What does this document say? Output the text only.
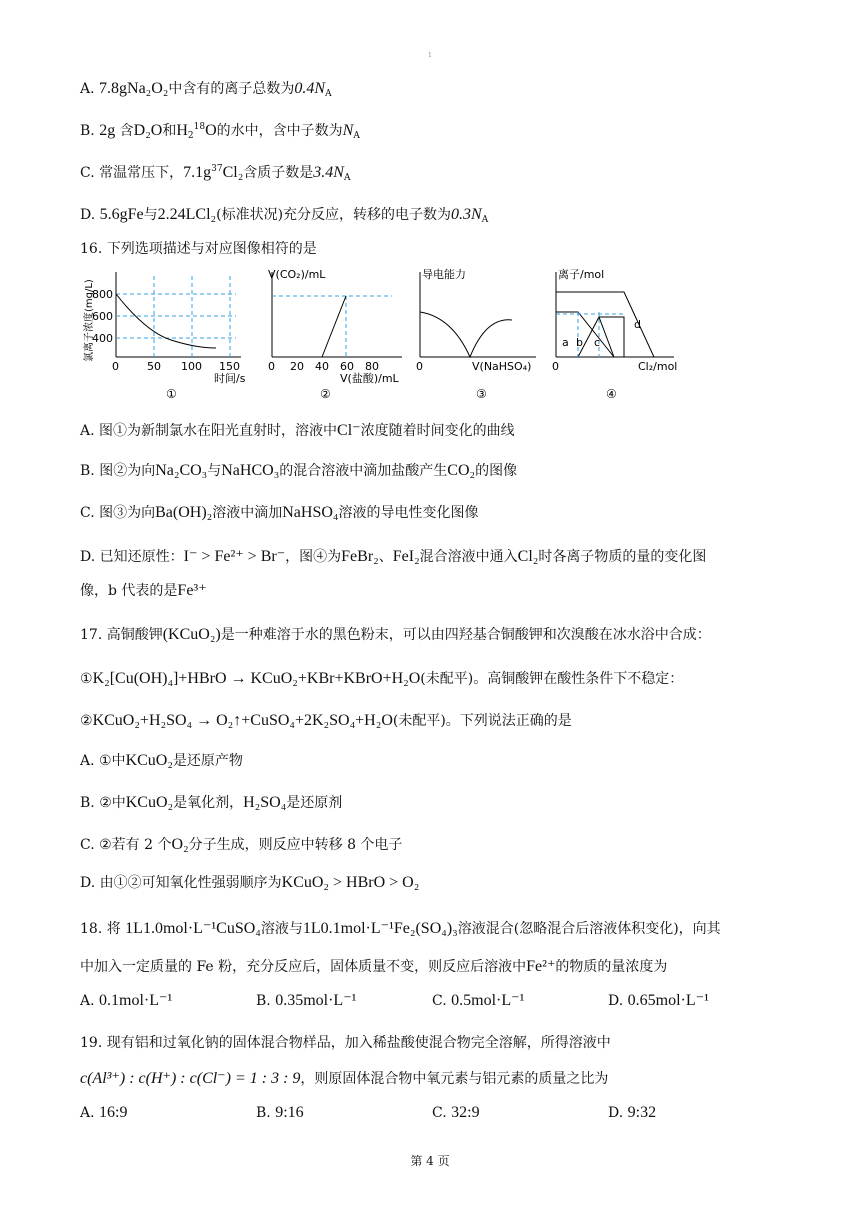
1
A. 7.8gNa₂O₂中含有的离子总数为$0.4N_A$
B. 2g 含D₂O和$H_2^{18}O$的水中，含中子数为$N_A$
C. 常温常压下，$7.1g^{37}Cl_2$含质子数是$3.4N_A$
D. 5.6gFe与2.24LCl₂(标准状况)充分反应，转移的电子数为$0.3N_A$
16. 下列选项描述与对应图像相符的是
氯离子浓度(mg/L)
800
600
400
0	50 100 150
时间/s
①
V(CO₂)/mL
0 20 40 60 80
V(盐酸)/mL
②
导电能力
0	V(NaHSO₄)
③
离子/mol
a b c
d
0	Cl₂/mol
④
A. 图①为新制氯水在阳光直射时，溶液中Cl⁻浓度随着时间变化的曲线
B. 图②为向Na₂CO₃与NaHCO₃的混合溶液中滴加盐酸产生CO₂的图像
C. 图③为向Ba(OH)₂溶液中滴加NaHSO₄溶液的导电性变化图像
D. 已知还原性：I⁻ > Fe²⁺ > Br⁻，图④为FeBr₂、FeI₂混合溶液中通入Cl₂时各离子物质的量的变化图
像，b 代表的是Fe³⁺
17. 高铜酸钾(KCuO₂)是一种难溶于水的黑色粉末，可以由四羟基合铜酸钾和次溴酸在冰水浴中合成：
①K₂[Cu(OH)₄]+HBrO → KCuO₂+KBr+KBrO+H₂O(未配平)。高铜酸钾在酸性条件下不稳定：
②KCuO₂+H₂SO₄ → O₂↑+CuSO₄+2K₂SO₄+H₂O(未配平)。下列说法正确的是
A. ①中KCuO₂是还原产物
B. ②中KCuO₂是氧化剂，H₂SO₄是还原剂
C. ②若有 2 个O₂分子生成，则反应中转移 8 个电子
D. 由①②可知氧化性强弱顺序为KCuO₂ > HBrO > O₂
18. 将 1L1.0mol·L⁻¹CuSO₄溶液与1L0.1mol·L⁻¹Fe₂(SO₄)₃溶液混合(忽略混合后溶液体积变化)，向其
中加入一定质量的 Fe 粉，充分反应后，固体质量不变，则反应后溶液中Fe²⁺的物质的量浓度为
A. 0.1mol·L⁻¹	B. 0.35mol·L⁻¹	C. 0.5mol·L⁻¹	D. 0.65mol·L⁻¹
19. 现有铝和过氧化钠的固体混合物样品，加入稀盐酸使混合物完全溶解，所得溶液中
c(Al³⁺) : c(H⁺) : c(Cl⁻) = 1 : 3 : 9，则原固体混合物中氧元素与铝元素的质量之比为
A. 16:9	B. 9:16	C. 32:9	D. 9:32
第 4 页
